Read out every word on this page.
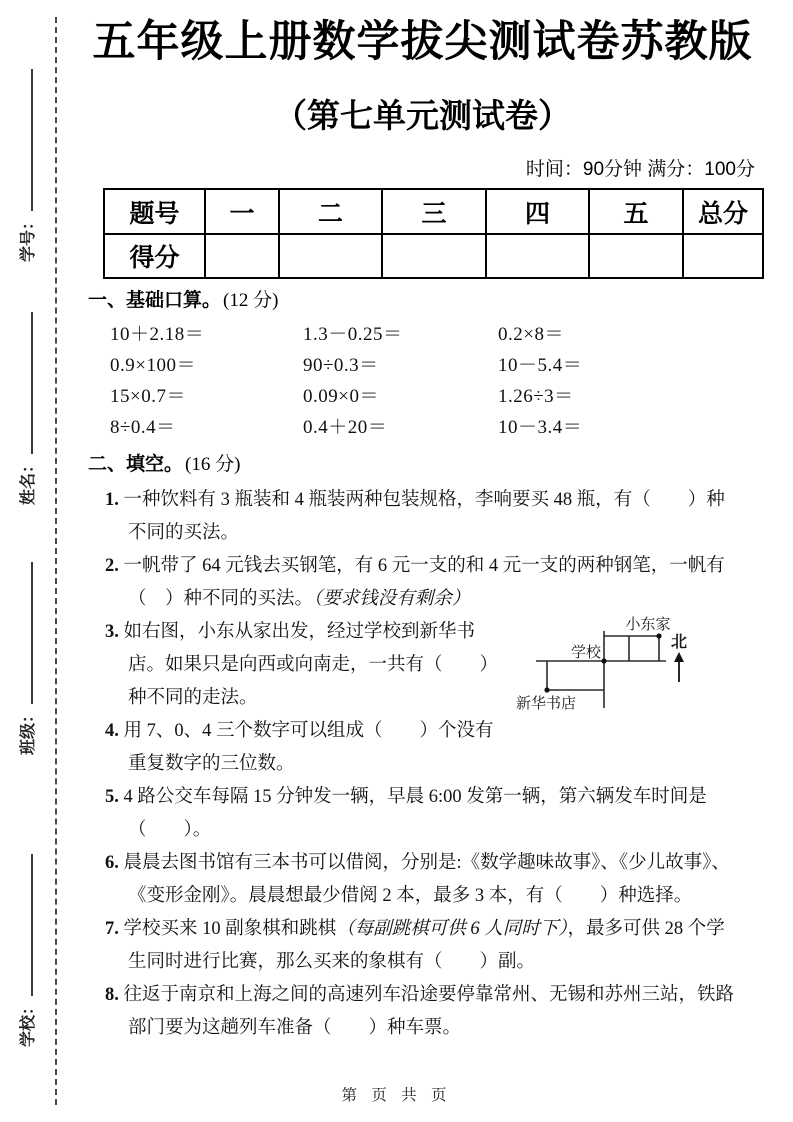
学号：
姓名：
班级：
学校：
五年级上册数学拔尖测试卷苏教版
（第七单元测试卷）
时间：90分钟 满分：100分
题号	一	二	三	四	五	总分
得分						
一、基础口算。 (12 分)
10＋2.18＝	1.3－0.25＝	0.2×8＝
0.9×100＝	90÷0.3＝	10－5.4＝
15×0.7＝	0.09×0＝	1.26÷3＝
8÷0.4＝	0.4＋20＝	10－3.4＝
二、填空。 (16 分)
1. 一种饮料有 3 瓶装和 4 瓶装两种包装规格，李响要买 48 瓶，有（　　）种不同的买法。
2. 一帆带了 64 元钱去买钢笔，有 6 元一支的和 4 元一支的两种钢笔，一帆有（　）种不同的买法。（要求钱没有剩余）
小东家
学校
新华书店
北
3. 如右图，小东从家出发，经过学校到新华书店。如果只是向西或向南走，一共有（　　）种不同的走法。
4. 用 7、0、4 三个数字可以组成（　　）个没有重复数字的三位数。
5. 4 路公交车每隔 15 分钟发一辆，早晨 6:00 发第一辆，第六辆发车时间是（　　）。
6. 晨晨去图书馆有三本书可以借阅，分别是:《数学趣味故事》、《少儿故事》、《变形金刚》。晨晨想最少借阅 2 本，最多 3 本，有（　　）种选择。
7. 学校买来 10 副象棋和跳棋（每副跳棋可供 6 人同时下），最多可供 28 个学生同时进行比赛，那么买来的象棋有（　　）副。
8. 往返于南京和上海之间的高速列车沿途要停靠常州、无锡和苏州三站，铁路部门要为这趟列车准备（　　）种车票。
第 页 共 页
